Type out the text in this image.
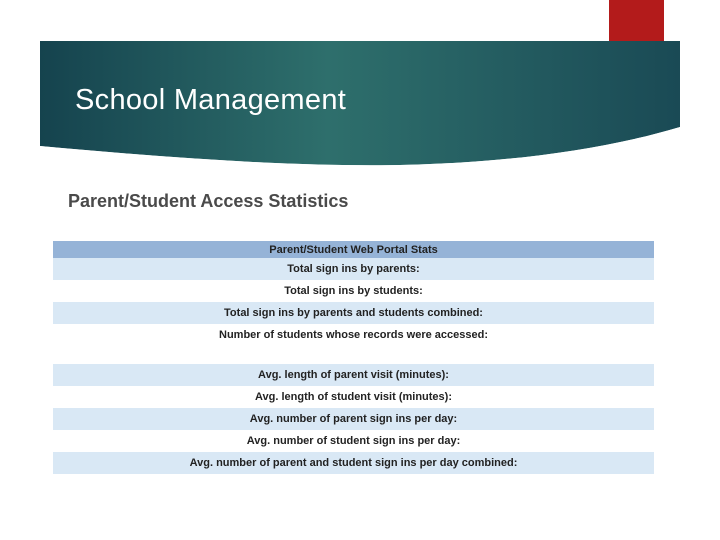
School Management
Parent/Student Access Statistics
Parent/Student Web Portal Stats
Total sign ins by parents:
Total sign ins by students:
Total sign ins by parents and students combined:
Number of students whose records were accessed:

Avg. length of parent visit (minutes):
Avg. length of student visit (minutes):
Avg. number of parent sign ins per day:
Avg. number of student sign ins per day:
Avg. number of parent and student sign ins per day combined:
